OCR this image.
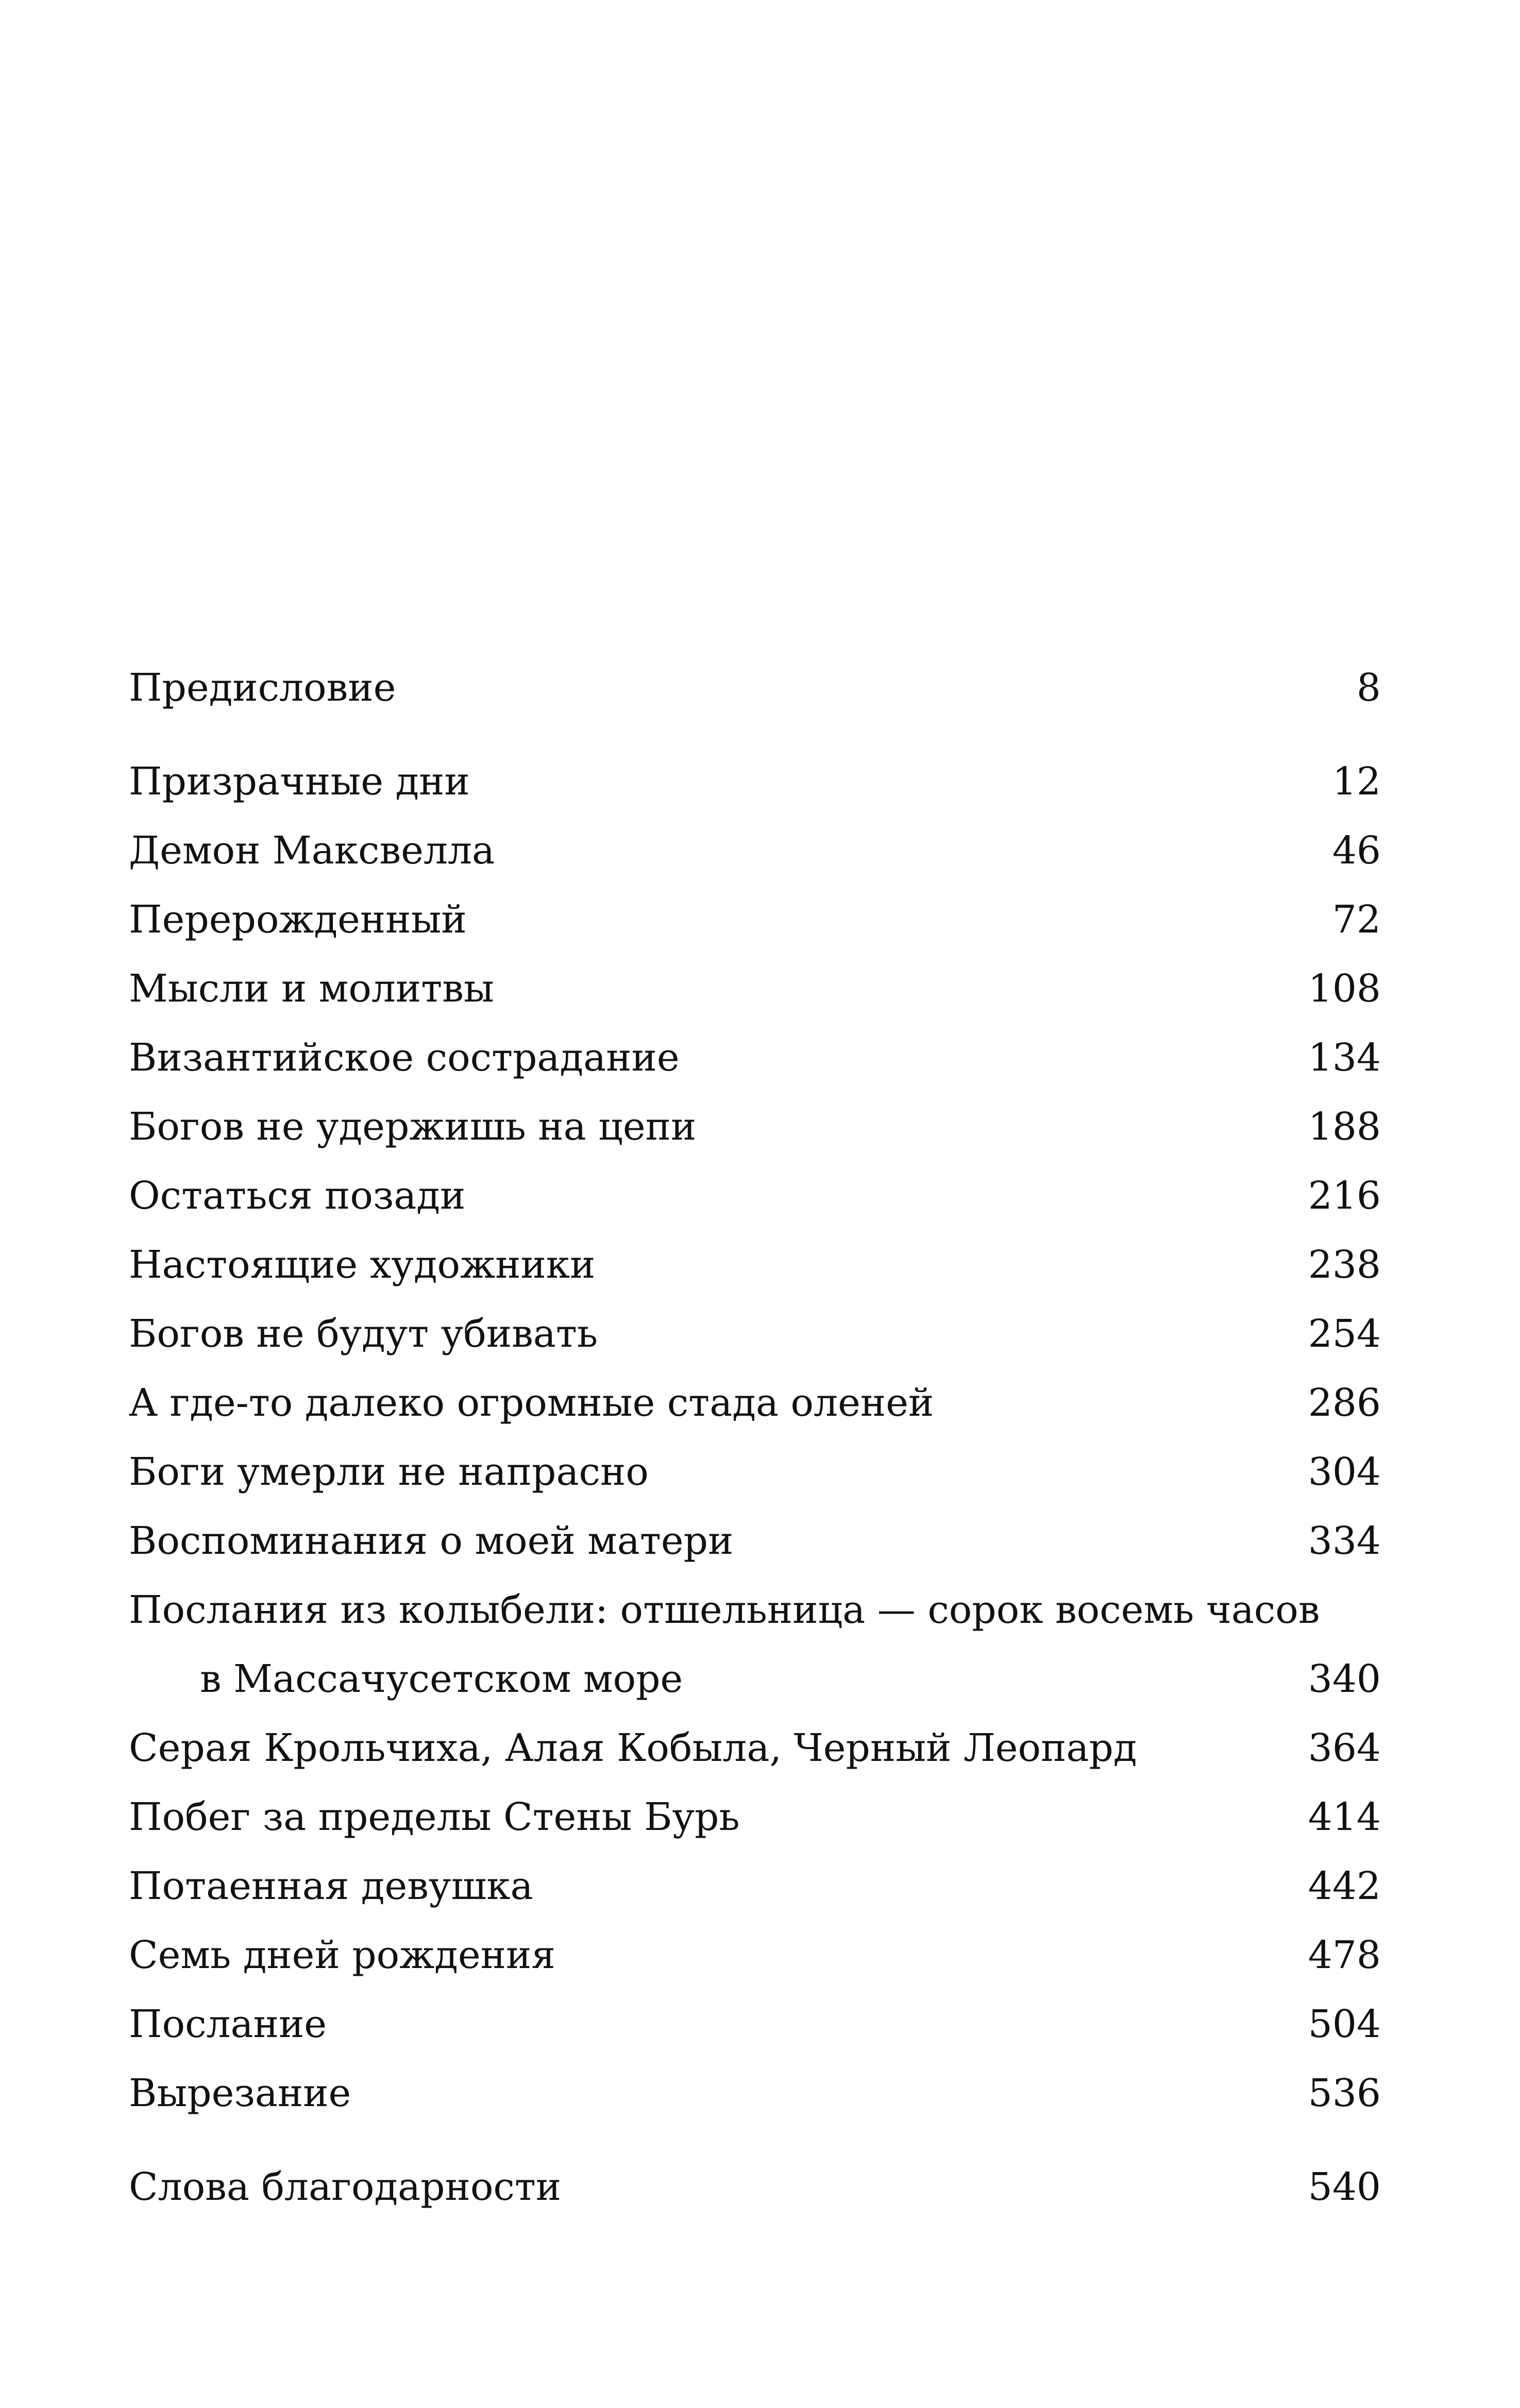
Предисловие	8
Призрачные дни	12
Демон Максвелла	46
Перерожденный	72
Мысли и молитвы	108
Византийское сострадание	134
Богов не удержишь на цепи	188
Остаться позади	216
Настоящие художники	238
Богов не будут убивать	254
А где-то далеко огромные стада оленей	286
Боги умерли не напрасно	304
Воспоминания о моей матери	334
Послания из колыбели: отшельница — сорок восемь часов
в Массачусетском море	340
Серая Крольчиха, Алая Кобыла, Черный Леопард	364
Побег за пределы Стены Бурь	414
Потаенная девушка	442
Семь дней рождения	478
Послание	504
Вырезание	536
Слова благодарности	540
